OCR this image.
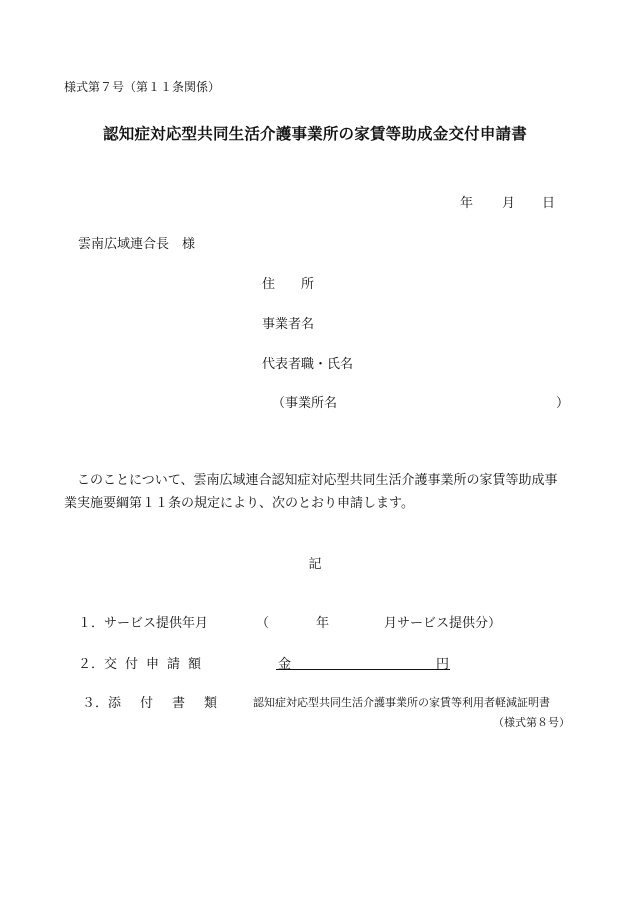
様式第７号（第１１条関係）
認知症対応型共同生活介護事業所の家賃等助成金交付申請書
年 月 日
雲南広域連合長　様
住　　所
事業者名
代表者職・氏名
（事業所名	）

　このことについて、雲南広域連合認知症対応型共同生活介護事業所の家賃等助成事

業実施要綱第１１条の規定により、次のとおり申請します。

記
１． サービス提供年月	（	年	月サービス提供分）
２． 交付申請額	金	円
３． 添付書類 認知症対応型共同生活介護事業所の家賃等利用者軽減証明書
（様式第８号）
